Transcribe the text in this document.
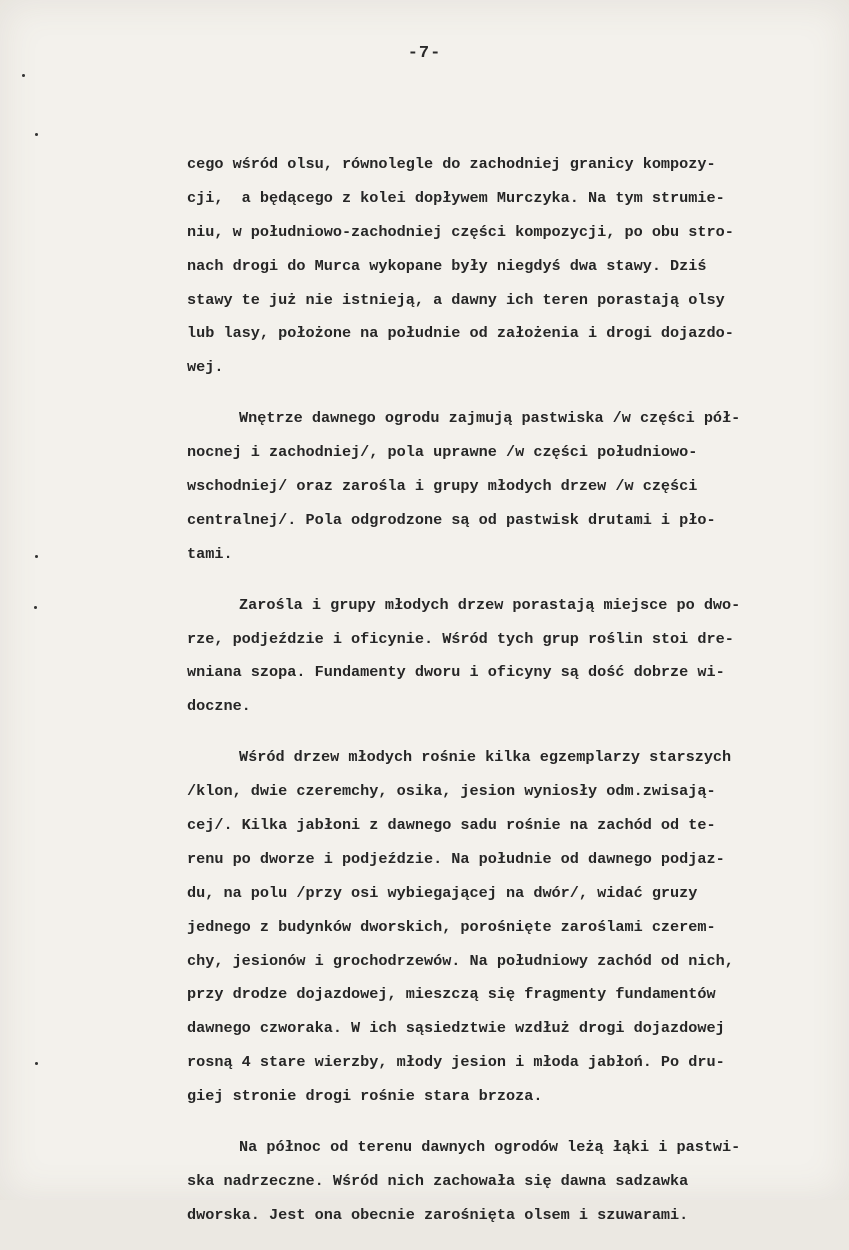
-7-
cego wśród olsu, równolegle do zachodniej granicy kompozy-
cji,  a będącego z kolei dopływem Murczyka. Na tym strumie-
niu, w południowo-zachodniej części kompozycji, po obu stro-
nach drogi do Murca wykopane były niegdyś dwa stawy. Dziś
stawy te już nie istnieją, a dawny ich teren porastają olsy
lub lasy, położone na południe od założenia i drogi dojazdo-
wej.
Wnętrze dawnego ogrodu zajmują pastwiska /w części pół-
nocnej i zachodniej/, pola uprawne /w części południowo-
wschodniej/ oraz zarośla i grupy młodych drzew /w części
centralnej/. Pola odgrodzone są od pastwisk drutami i pło-
tami.
Zarośla i grupy młodych drzew porastają miejsce po dwo-
rze, podjeździe i oficynie. Wśród tych grup roślin stoi dre-
wniana szopa. Fundamenty dworu i oficyny są dość dobrze wi-
doczne.
Wśród drzew młodych rośnie kilka egzemplarzy starszych
/klon, dwie czeremchy, osika, jesion wyniosły odm.zwisają-
cej/. Kilka jabłoni z dawnego sadu rośnie na zachód od te-
renu po dworze i podjeździe. Na południe od dawnego podjaz-
du, na polu /przy osi wybiegającej na dwór/, widać gruzy
jednego z budynków dworskich, porośnięte zaroślami czerem-
chy, jesionów i grochodrzewów. Na południowy zachód od nich,
przy drodze dojazdowej, mieszczą się fragmenty fundamentów
dawnego czworaka. W ich sąsiedztwie wzdłuż drogi dojazdowej
rosną 4 stare wierzby, młody jesion i młoda jabłoń. Po dru-
giej stronie drogi rośnie stara brzoza.
Na północ od terenu dawnych ogrodów leżą łąki i pastwi-
ska nadrzeczne. Wśród nich zachowała się dawna sadzawka
dworska. Jest ona obecnie zarośnięta olsem i szuwarami.
